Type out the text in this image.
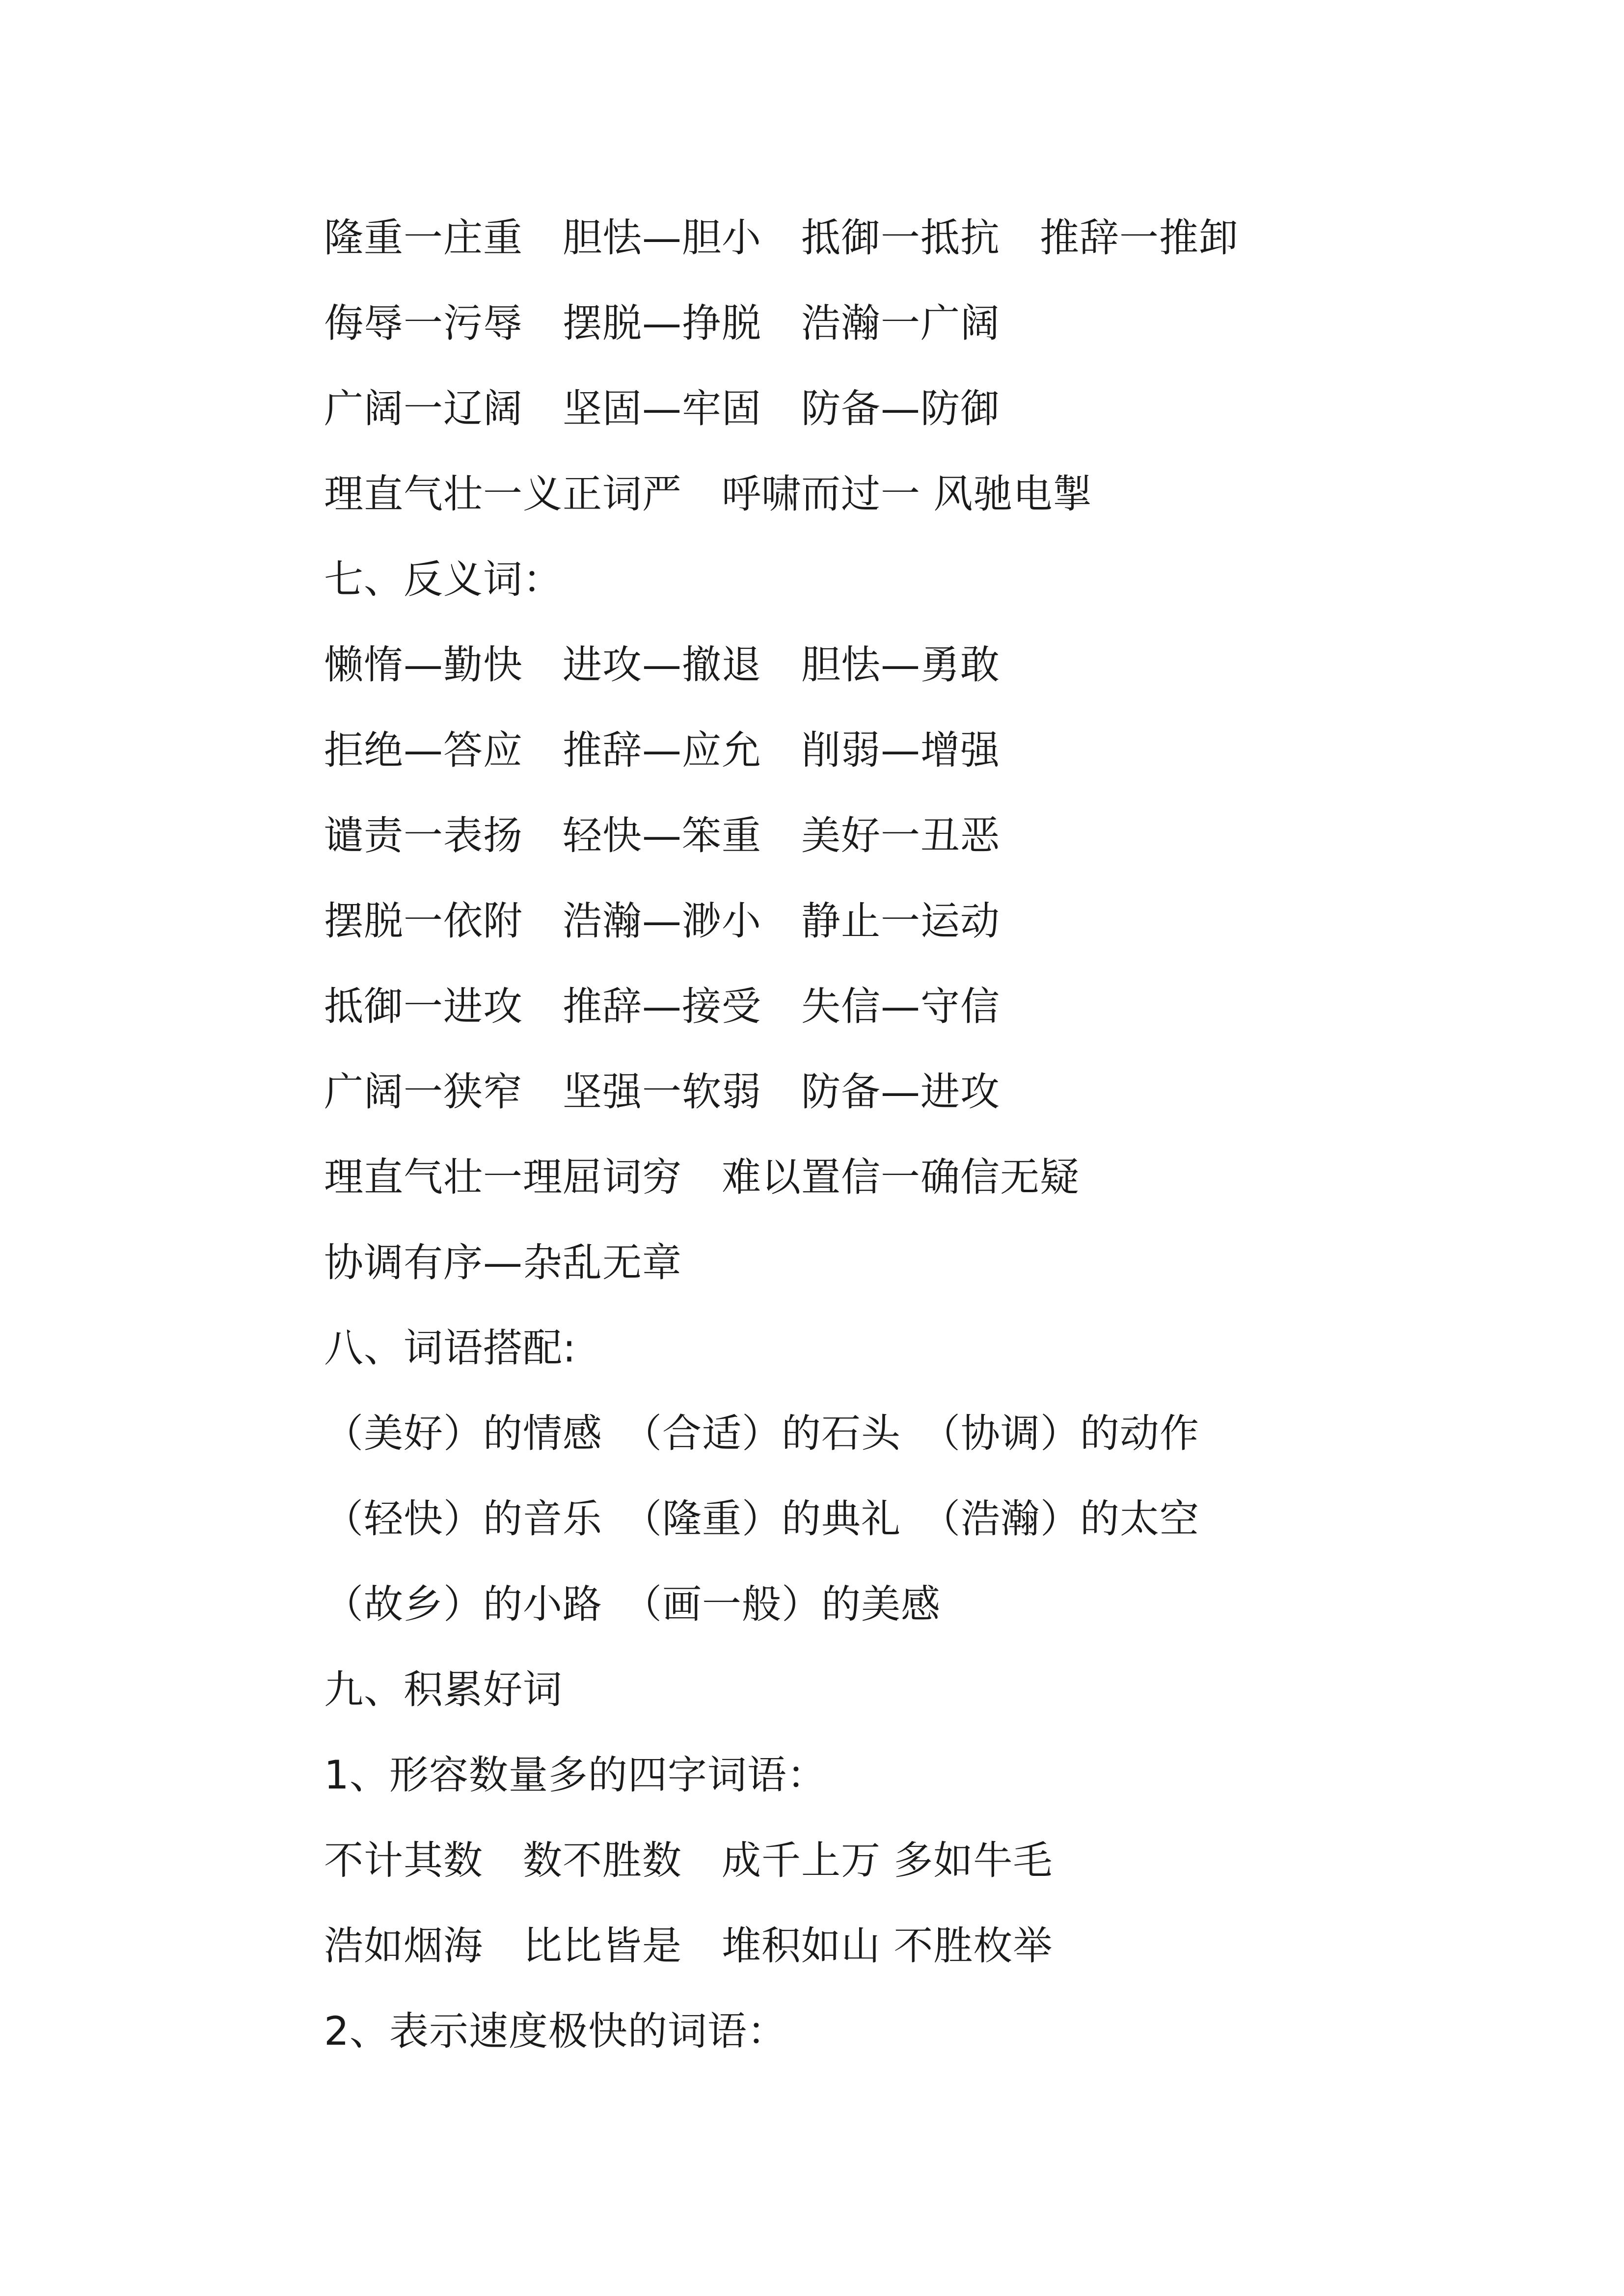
隆重一庄重　胆怯—胆小　抵御一抵抗　推辞一推卸
侮辱一污辱　摆脱—挣脱　浩瀚一广阔
广阔一辽阔　坚固—牢固　防备—防御
理直气壮一义正词严　呼啸而过一 风驰电掣
七、反义词：
懒惰—勤快　进攻—撤退　胆怯—勇敢
拒绝—答应　推辞—应允　削弱—增强
谴责一表扬　轻快—笨重　美好一丑恶
摆脱一依附　浩瀚—渺小　静止一运动
抵御一进攻　推辞—接受　失信—守信
广阔一狭窄　坚强一软弱　防备—进攻
理直气壮一理屈词穷　难以置信一确信无疑
协调有序—杂乱无章
八、词语搭配:
（美好）的情感　（合适）的石头　（协调）的动作
（轻快）的音乐　（隆重）的典礼　（浩瀚）的太空
（故乡）的小路　（画一般）的美感
九、积累好词
1、形容数量多的四字词语：
不计其数　数不胜数　成千上万 多如牛毛
浩如烟海　比比皆是　堆积如山 不胜枚举
2、表示速度极快的词语：
